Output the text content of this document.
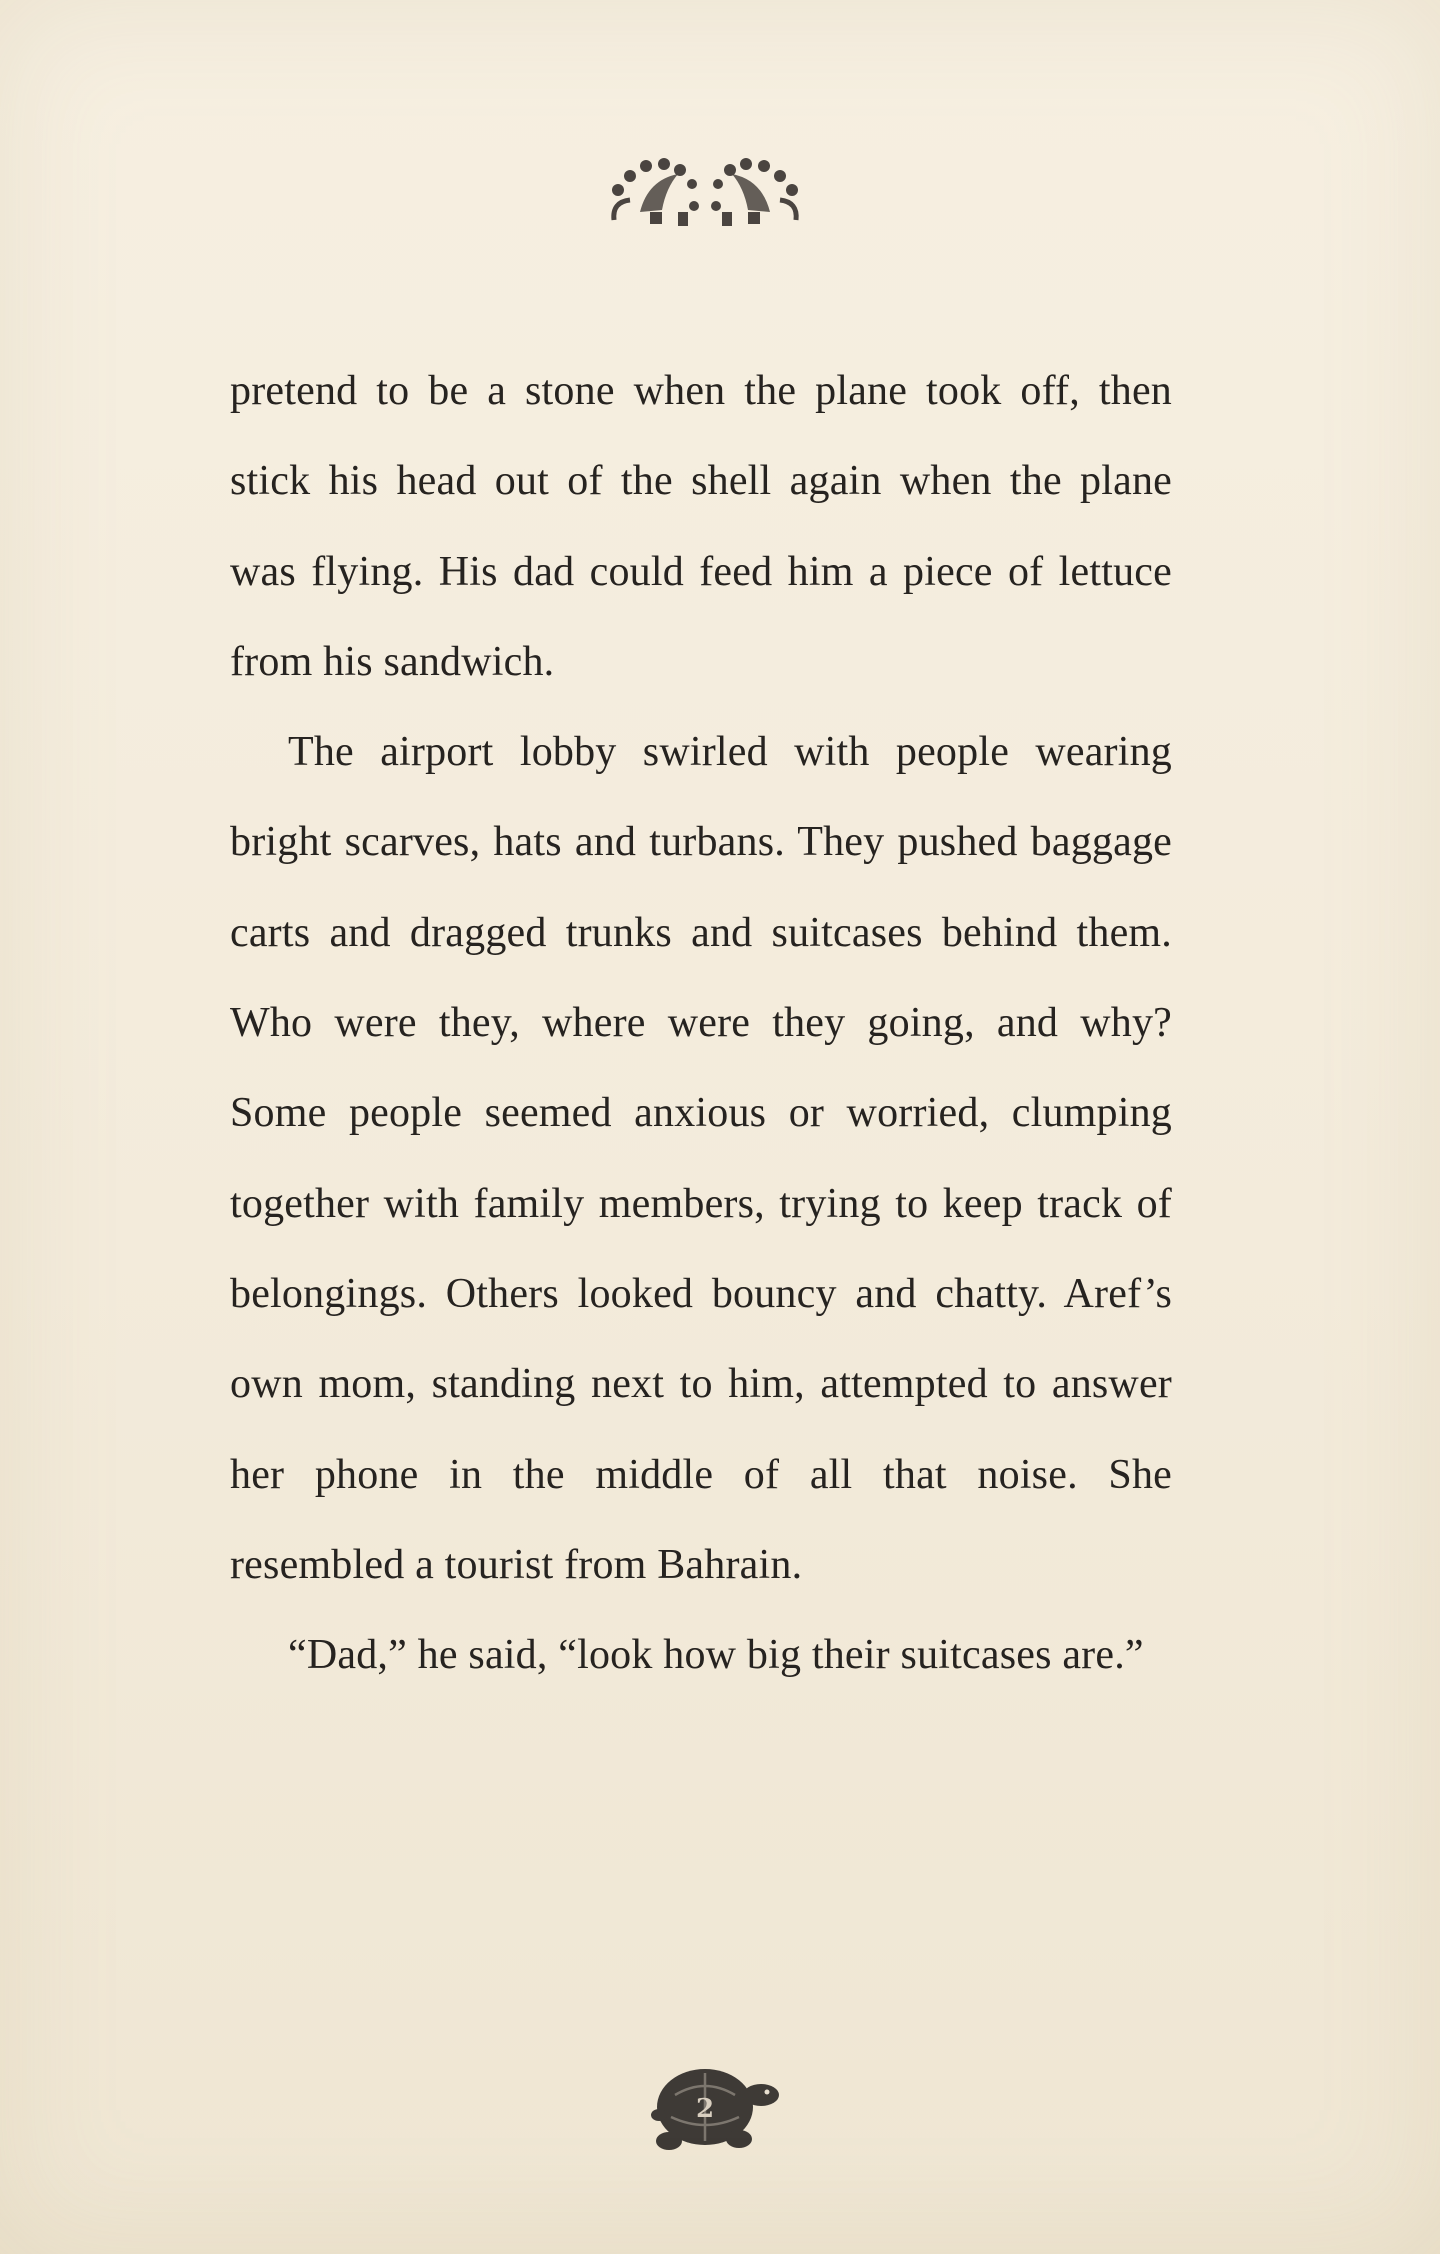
pretend to be a stone when the plane took off, then stick his head out of the shell again when the plane was flying. His dad could feed him a piece of lettuce from his sandwich.

The airport lobby swirled with people wearing bright scarves, hats and turbans. They pushed baggage carts and dragged trunks and suitcases behind them. Who were they, where were they going, and why? Some people seemed anxious or worried, clumping together with family members, trying to keep track of belongings. Others looked bouncy and chatty. Aref’s own mom, standing next to him, attempted to answer her phone in the middle of all that noise. She resembled a tourist from Bahrain.

“Dad,” he said, “look how big their suitcases are.”

2
